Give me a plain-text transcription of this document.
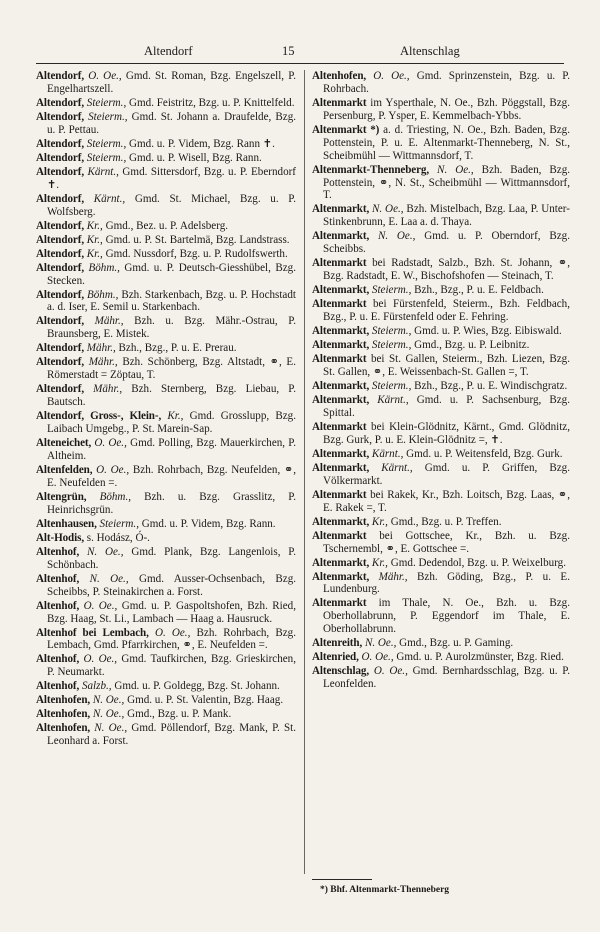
Altendorf	15	Altenschlag
Altendorf, O. Oe., Gmd. St. Roman, Bzg. Engelszell, P. Engelhartszell.
Altendorf, Steierm., Gmd. Feistritz, Bzg. u. P. Knittelfeld.
Altendorf, Steierm., Gmd. St. Johann a. Draufelde, Bzg. u. P. Pettau.
Altendorf, Steierm., Gmd. u. P. Videm, Bzg. Rann ✝.
Altendorf, Steierm., Gmd. u. P. Wisell, Bzg. Rann.
Altendorf, Kärnt., Gmd. Sittersdorf, Bzg. u. P. Eberndorf ✝.
Altendorf, Kärnt., Gmd. St. Michael, Bzg. u. P. Wolfsberg.
Altendorf, Kr., Gmd., Bez. u. P. Adelsberg.
Altendorf, Kr., Gmd. u. P. St. Bartelmä, Bzg. Landstrass.
Altendorf, Kr., Gmd. Nussdorf, Bzg. u. P. Rudolfswerth.
Altendorf, Böhm., Gmd. u. P. Deutsch-Giesshübel, Bzg. Stecken.
Altendorf, Böhm., Bzh. Starkenbach, Bzg. u. P. Hochstadt a. d. Iser, E. Semil u. Starkenbach.
Altendorf, Mähr., Bzh. u. Bzg. Mähr.-Ostrau, P. Braunsberg, E. Mistek.
Altendorf, Mähr., Bzh., Bzg., P. u. E. Prerau.
Altendorf, Mähr., Bzh. Schönberg, Bzg. Altstadt, ⚭, E. Römerstadt = Zöptau, T.
Altendorf, Mähr., Bzh. Sternberg, Bzg. Liebau, P. Bautsch.
Altendorf, Gross-, Klein-, Kr., Gmd. Grosslupp, Bzg. Laibach Umgebg., P. St. Marein-Sap.
Alteneichet, O. Oe., Gmd. Polling, Bzg. Mauerkirchen, P. Altheim.
Altenfelden, O. Oe., Bzh. Rohrbach, Bzg. Neufelden, ⚭, E. Neufelden =.
Altengrün, Böhm., Bzh. u. Bzg. Grasslitz, P. Heinrichsgrün.
Altenhausen, Steierm., Gmd. u. P. Videm, Bzg. Rann.
Alt-Hodis, s. Hodász, Ó-.
Altenhof, N. Oe., Gmd. Plank, Bzg. Langenlois, P. Schönbach.
Altenhof, N. Oe., Gmd. Ausser-Ochsenbach, Bzg. Scheibbs, P. Steinakirchen a. Forst.
Altenhof, O. Oe., Gmd. u. P. Gaspoltshofen, Bzh. Ried, Bzg. Haag, St. Li., Lambach — Haag a. Hausruck.
Altenhof bei Lembach, O. Oe., Bzh. Rohrbach, Bzg. Lembach, Gmd. Pfarrkirchen, ⚭, E. Neufelden =.
Altenhof, O. Oe., Gmd. Taufkirchen, Bzg. Grieskirchen, P. Neumarkt.
Altenhof, Salzb., Gmd. u. P. Goldegg, Bzg. St. Johann.
Altenhofen, N. Oe., Gmd. u. P. St. Valentin, Bzg. Haag.
Altenhofen, N. Oe., Gmd., Bzg. u. P. Mank.
Altenhofen, N. Oe., Gmd. Pöllendorf, Bzg. Mank, P. St. Leonhard a. Forst.
Altenhofen, O. Oe., Gmd. Sprinzenstein, Bzg. u. P. Rohrbach.
Altenmarkt im Ysperthale, N. Oe., Bzh. Pöggstall, Bzg. Persenburg, P. Ysper, E. Kemmelbach-Ybbs.
Altenmarkt *) a. d. Triesting, N. Oe., Bzh. Baden, Bzg. Pottenstein, P. u. E. Altenmarkt-Thenneberg, N. St., Scheibmühl — Wittmannsdorf, T.
Altenmarkt-Thenneberg, N. Oe., Bzh. Baden, Bzg. Pottenstein, ⚭, N. St., Scheibmühl — Wittmannsdorf, T.
Altenmarkt, N. Oe., Bzh. Mistelbach, Bzg. Laa, P. Unter-Stinkenbrunn, E. Laa a. d. Thaya.
Altenmarkt, N. Oe., Gmd. u. P. Oberndorf, Bzg. Scheibbs.
Altenmarkt bei Radstadt, Salzb., Bzh. St. Johann, ⚭, Bzg. Radstadt, E. W., Bischofshofen — Steinach, T.
Altenmarkt, Steierm., Bzh., Bzg., P. u. E. Feldbach.
Altenmarkt bei Fürstenfeld, Steierm., Bzh. Feldbach, Bzg., P. u. E. Fürstenfeld oder E. Fehring.
Altenmarkt, Steierm., Gmd. u. P. Wies, Bzg. Eibiswald.
Altenmarkt, Steierm., Gmd., Bzg. u. P. Leibnitz.
Altenmarkt bei St. Gallen, Steierm., Bzh. Liezen, Bzg. St. Gallen, ⚭, E. Weissenbach-St. Gallen =, T.
Altenmarkt, Steierm., Bzh., Bzg., P. u. E. Windischgratz.
Altenmarkt, Kärnt., Gmd. u. P. Sachsenburg, Bzg. Spittal.
Altenmarkt bei Klein-Glödnitz, Kärnt., Gmd. Glödnitz, Bzg. Gurk, P. u. E. Klein-Glödnitz =, ✝.
Altenmarkt, Kärnt., Gmd. u. P. Weitensfeld, Bzg. Gurk.
Altenmarkt, Kärnt., Gmd. u. P. Griffen, Bzg. Völkermarkt.
Altenmarkt bei Rakek, Kr., Bzh. Loitsch, Bzg. Laas, ⚭, E. Rakek =, T.
Altenmarkt, Kr., Gmd., Bzg. u. P. Treffen.
Altenmarkt bei Gottschee, Kr., Bzh. u. Bzg. Tschernembl, ⚭, E. Gottschee =.
Altenmarkt, Kr., Gmd. Dedendol, Bzg. u. P. Weixelburg.
Altenmarkt, Mähr., Bzh. Göding, Bzg., P. u. E. Lundenburg.
Altenmarkt im Thale, N. Oe., Bzh. u. Bzg. Oberhollabrunn, P. Eggendorf im Thale, E. Oberhollabrunn.
Altenreith, N. Oe., Gmd., Bzg. u. P. Gaming.
Altenried, O. Oe., Gmd. u. P. Aurolzmünster, Bzg. Ried.
Altenschlag, O. Oe., Gmd. Bernhardsschlag, Bzg. u. P. Leonfelden.
*) Bhf. Altenmarkt-Thenneberg
